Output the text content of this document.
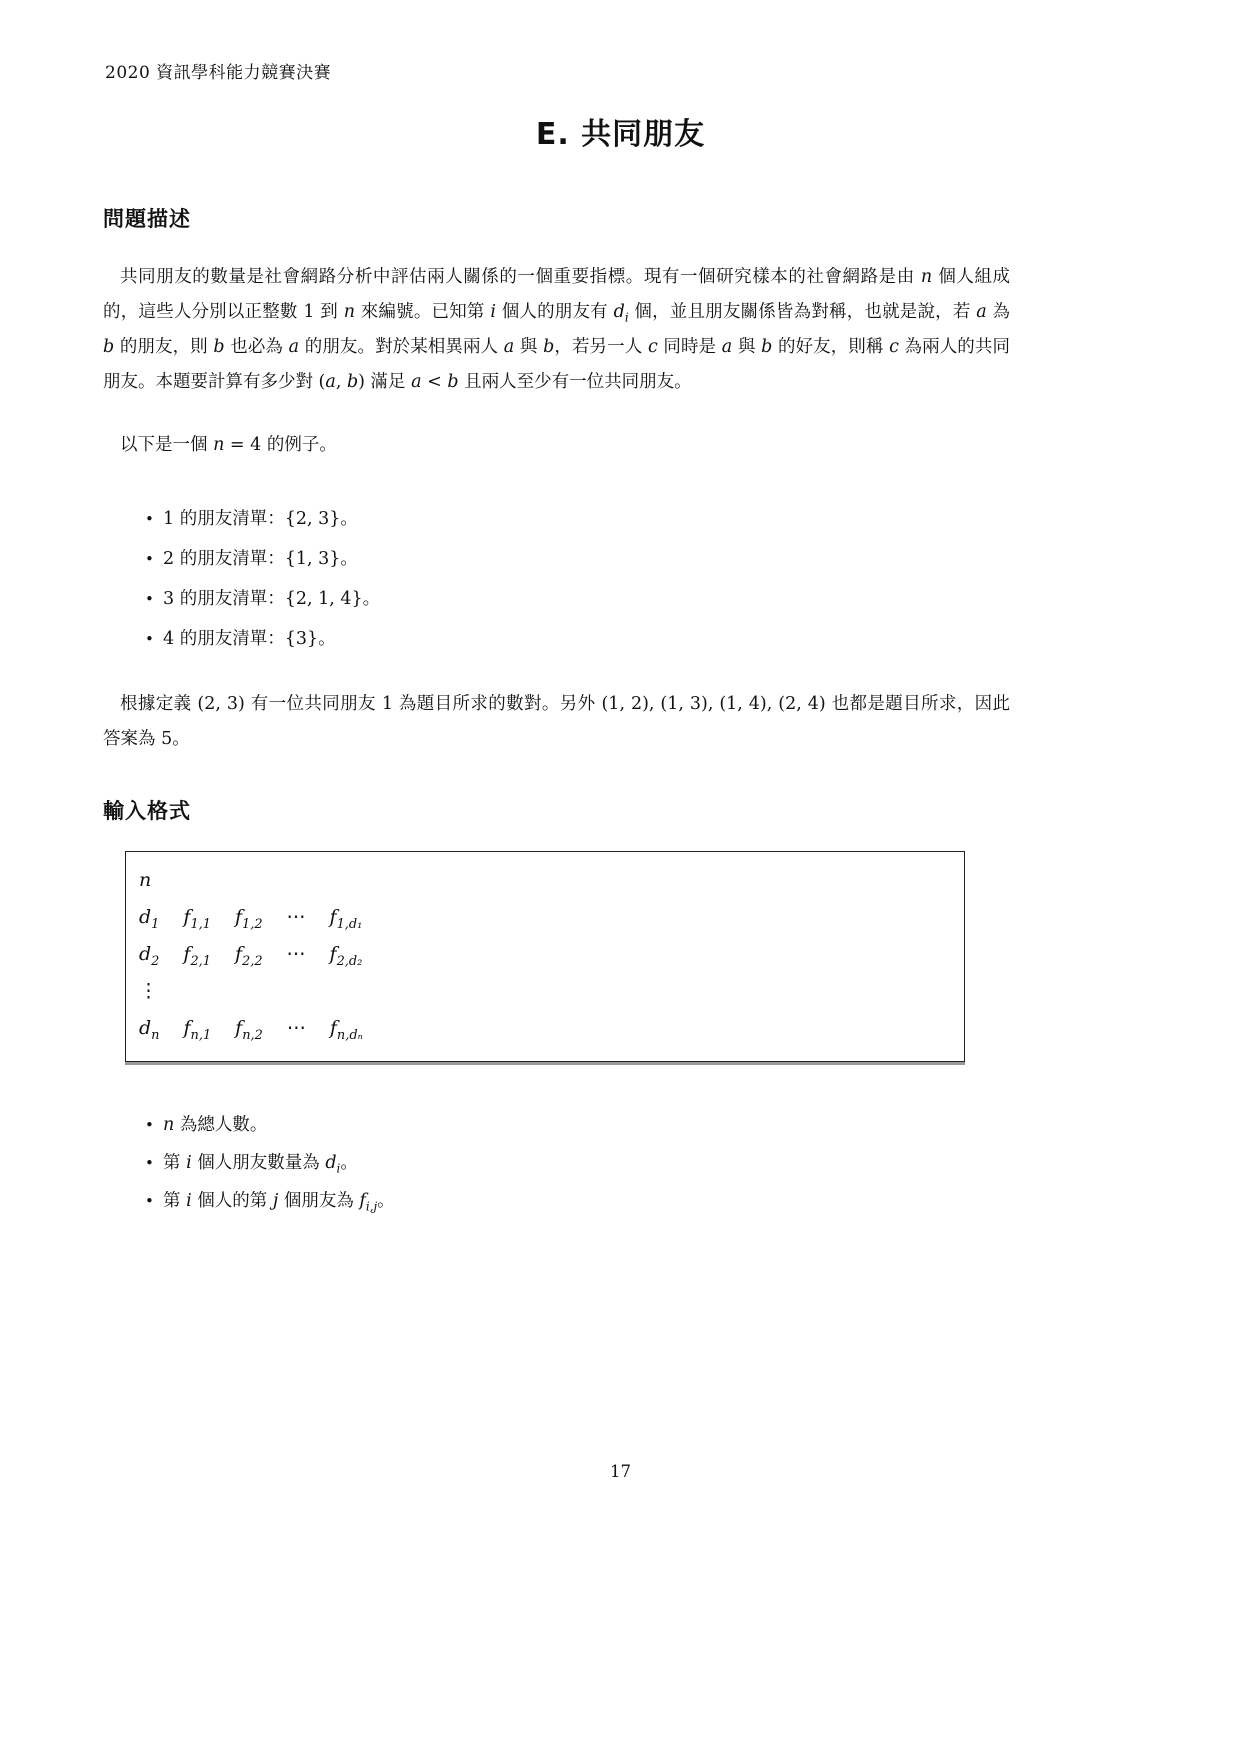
2020 資訊學科能力競賽決賽
E. 共同朋友
問題描述

共同朋友的數量是社會網路分析中評估兩人關係的一個重要指標。現有一個研究樣本的社會網路是由 n 個人組成的，這些人分別以正整數 1 到 n 來編號。已知第 i 個人的朋友有 $d_i$ 個，並且朋友關係皆為對稱，也就是說，若 a 為 b 的朋友，則 b 也必為 a 的朋友。對於某相異兩人 a 與 b，若另一人 c 同時是 a 與 b 的好友，則稱 c 為兩人的共同朋友。本題要計算有多少對 (a, b) 滿足 a < b 且兩人至少有一位共同朋友。

以下是一個 n = 4 的例子。

• 1 的朋友清單：{2, 3}。
• 2 的朋友清單：{1, 3}。
• 3 的朋友清單：{2, 1, 4}。
• 4 的朋友清單：{3}。

根據定義 (2, 3) 有一位共同朋友 1 為題目所求的數對。另外 (1, 2), (1, 3), (1, 4), (2, 4) 也都是題目所求，因此答案為 5。

輸入格式
n
$d_1$ $f_{1,1}$ $f_{1,2}$ ⋯ $f_{1,d_1}$
$d_2$ $f_{2,1}$ $f_{2,2}$ ⋯ $f_{2,d_2}$
⋮
$d_n$ $f_{n,1}$ $f_{n,2}$ ⋯ $f_{n,d_n}$
• n 為總人數。
• 第 i 個人朋友數量為 $d_i$。
• 第 i 個人的第 j 個朋友為 $f_{i,j}$。
17
